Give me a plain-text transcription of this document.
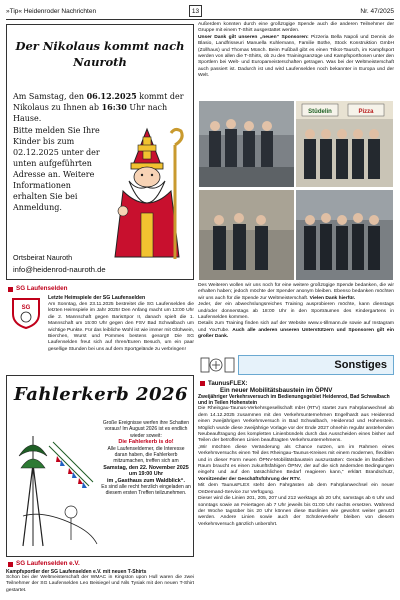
»Tip« Heidenroder Nachrichten	13	Nr. 47/2025
Der Nikolaus kommt nach
Nauroth
Am Samstag, den 06.12.2025 kommt der Nikolaus zu Ihnen ab 16:30 Uhr nach Hause.
Bitte melden Sie Ihre Kinder bis zum 02.12.2025 unter der unten aufgeführten Adresse an. Weitere Informationen erhalten Sie bei Anmeldung.
Ortsbeirat Nauroth
info@heidenrod-nauroth.de
SG Laufenselden
SG
Letzte Heimspiele der SG Laufenselden
Am Sonntag, den 23.11.2025 bestreitet die SG Laufenselden die letzten Heimspiele im Jahr 2025! Den Anfang macht um 13:00 Uhr die 2. Mannschaft gegen BarisSpor II, danach spielt die 1. Mannschaft um 15:00 Uhr gegen den FSV Bad Schwalbach um wichtige Punkte. Für das leibliche Wohl ist wie immer mit Glühwein, Bierchen, Wurst und Pommes bestens gesorgt! Die SG Laufenselden freut sich auf Ihren/Euren Besuch, um ein paar gesellige Stunden bei uns auf dem Sportgelände zu verbringen!
Fahlerkerb 2026
Große Ereignisse werfen ihre Schatten voraus! Im August 2026 ist es endlich wieder soweit:
Die Fahlerkerb is do!
Alle Laufenselderner, die Interesse daran haben, die Fahlerkerb mitzumachen, treffen sich am
Samstag, den 22. November 2025 um 19:00 Uhr
im „Gasthaus zum Waldblick“.
Es sind alle recht herzlich eingeladen an diesem ersten Treffen teilzunehmen.
SG Laufenselden e.V.
Kampfsportler der SG Laufenselden e.V. mit neuen T-Shirts
Schon bei der Weltmeisterschaft der WMAC in Kingston upon Hull waren die zwei Teilnehmer der SG Laufenselden Leo Beisiegel und Nils Tysiak mit den neuen T-Shirt gestartet.
Außerdem konnten durch eine großzügige Spende auch die anderen Teilnehmer der Gruppe mit einem T-Shirt ausgestattet werden.
Unser Dank gilt unseren „neuen“ Sponsoren: Pizzeria Bella Napoli und Dennis de Blasio, Landfrisseuri Manuella Kuhlemann, Familie Bothe, Stock Konstruktion GmbH (Zollhaus) und Thomas Münch. Beim Fußball gibt es einen Trikot-Tausch, im Kampfsport werden von allen die T-Shirts, ob zu den Trainingsanzüge und Kampfsporthosen unter den Sportlern bei Welt- und Europameisterschaften getragen. Was bei der Weltmeisterschaft auch passiert ist. Dadurch ist und wird Laufenselden noch bekannter in Europa und der Welt.
Stüdelin	Pizza
Des Weiteren wollen wir uns noch für eine weitere großzügige Spende bedanken, die wir erhalten haben; jedoch möchte der Spender anonym bleiben. Ebenso bedanken möchten wir uns auch für die Spende zur Weltmeisterschaft. Vielen Dank hierfür.
Jeder, der ein abwechslungsreiches Training ausprobieren möchte, kann dienstags und/oder donnerstags ab 18:00 Uhr in den Sporträumen des Kindergartens in Laufenselden kommen.
Details zum Training finden sich auf der Website www.x-tillmann.de sowie auf Instagram und YouTube. Auch alle anderen unseren Unterstützern und Sponsoren gilt ein großer Dank.
Sonstiges
TaunusFLEX:
Ein neuer Mobilitätsbaustein im ÖPNV
Zweijähriger Verkehrsversuch im Bedienungsgebiet Heidenrod, Bad Schwalbach und in Teilen Hohenstein
Die Rheingau-Taunus-Verkehrsgesellschaft mbH (RTV) startet zum Fahrplanwechsel ab dem 14.12.2025 zusammen mit den Verkehrsunternehmen Engelhardt aus Heidenrod einen zweijährigen Verkehrsversuch in Bad Schwalbach, Heidenrod und Hohenstein. Möglich wurde diese zweijährige Vorlage vor der Ende 2027 ohnehin regulär anstehenden Neubeauftragung des kompletten Linienbündels durch das Ausscheiden eines bisher auf Teilen der betroffenen Linien beauftragten Verkehrsunternehmens.
„Wir möchten diese Veränderung als Chance nutzen, um im Rahmen eines Verkehrsversuchs einen Teil des Rheingau-Taunus-Kreises mit einem modernen, flexiblen und in dieser Form neuen ÖPNV-Mobilitätsbaustein auszustatten: Gerade im ländlichen Raum braucht es einen zukunftsfähigen ÖPNV, der auf die sich ändernden Bedingungen eingeht und auf den tatsächlichen Bedarf reagieren kann,“ erklärt Brandschutz, Vorsitzender der Geschäftsführung der RTV.
Mit dem TaunusFLEX steht den Fahrgästen ab dem Fahrplanwechsel ein neuer OnDemand-Service zur Verfügung.
Dieser wird die Linien 201, 205, 207 und 212 werktags ab 20 Uhr, samstags ab 6 Uhr und sonntags sowie an Feiertagen ab 7 Uhr jeweils bis 01:00 Uhr nachts ersetzen. Während der Woche tagsüber bis 20 Uhr können diese Buslinien wie gewohnt weiter genutzt werden. Andere Linien sowie auch der Schülerverkehr bleiben von diesem Verkehrsversuch gänzlich unberührt.
